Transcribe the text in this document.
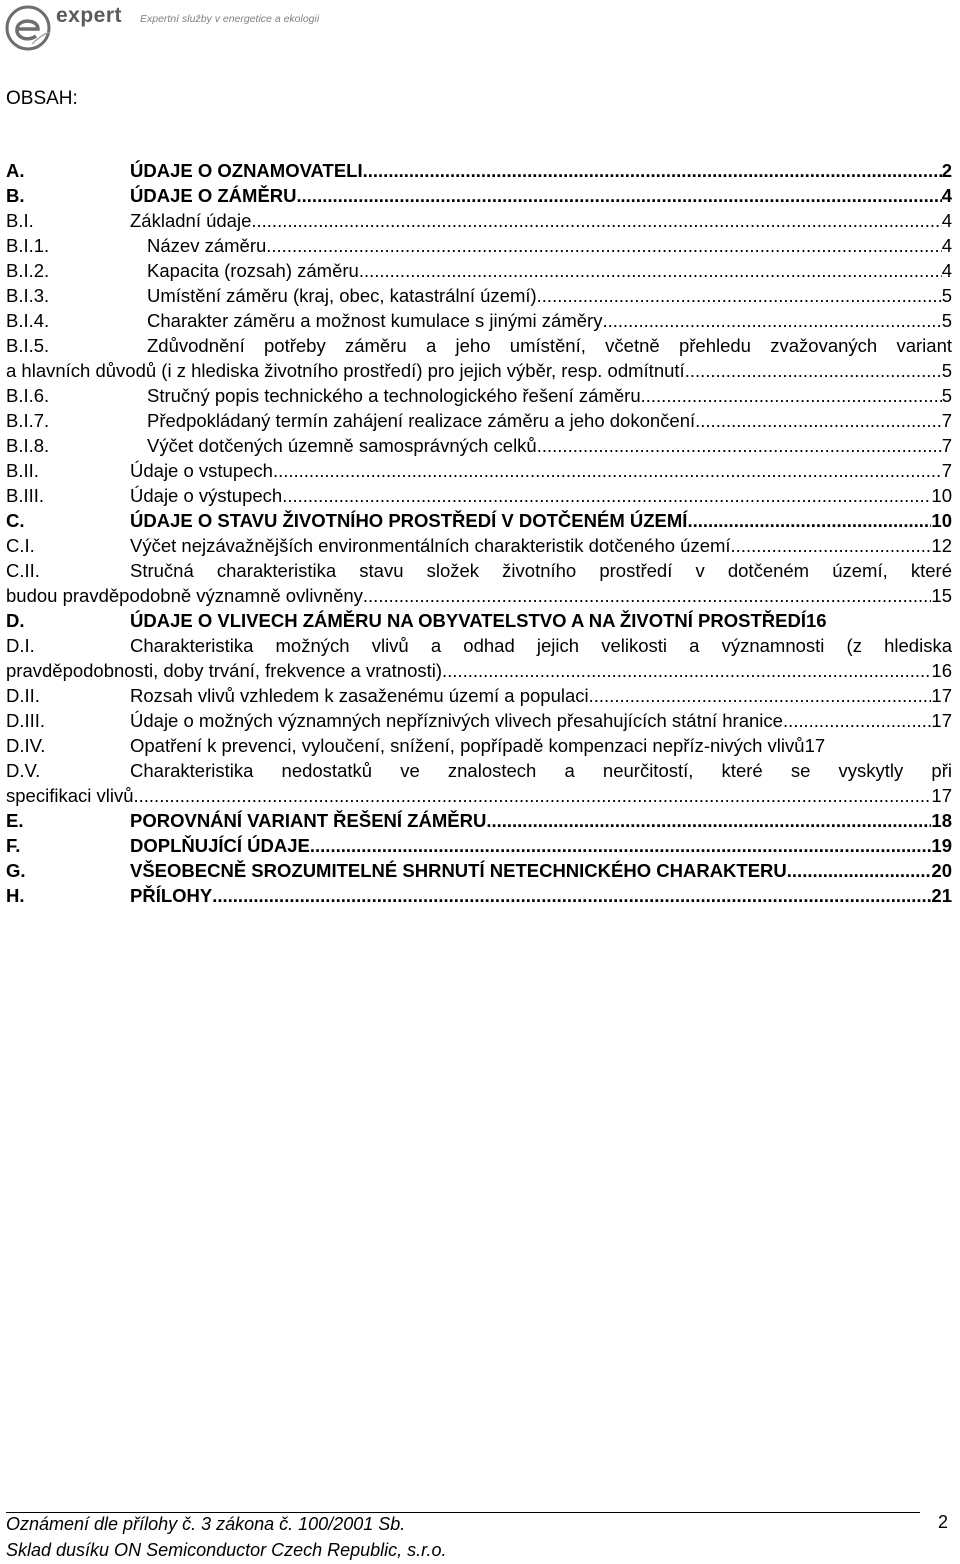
expert Expertní služby v energetice a ekologii
OBSAH:
A.	ÚDAJE O OZNAMOVATELI .....	2
B.	ÚDAJE O ZÁMĚRU .....	4
B.I.	Základní údaje .....	4
B.I.1.	Název záměru .....	4
B.I.2.	Kapacita (rozsah) záměru .....	4
B.I.3.	Umístění záměru (kraj, obec, katastrální území) .....	5
B.I.4.	Charakter záměru a možnost kumulace s jinými záměry .....	5
B.I.5.	Zdůvodnění potřeby záměru a jeho umístění, včetně přehledu zvažovaných variant
a hlavních důvodů (i z hlediska životního prostředí) pro jejich výběr, resp. odmítnutí .....	5
B.I.6.	Stručný popis technického a technologického řešení záměru .....	5
B.I.7.	Předpokládaný termín zahájení realizace záměru a jeho dokončení .....	7
B.I.8.	Výčet dotčených územně samosprávných celků .....	7
B.II.	Údaje o vstupech .....	7
B.III.	Údaje o výstupech .....	10
C.	ÚDAJE O STAVU ŽIVOTNÍHO PROSTŘEDÍ V DOTČENÉM ÚZEMÍ .....	10
C.I.	Výčet nejzávažnějších environmentálních charakteristik dotčeného území .....	12
C.II.	Stručná charakteristika stavu složek životního prostředí v dotčeném území, které
budou pravděpodobně významně ovlivněny .....	15
D.	ÚDAJE O VLIVECH ZÁMĚRU NA OBYVATELSTVO A NA ŽIVOTNÍ PROSTŘEDÍ 16
D.I.	Charakteristika možných vlivů a odhad jejich velikosti a významnosti (z hlediska
pravděpodobnosti, doby trvání, frekvence a vratnosti) .....	16
D.II.	Rozsah vlivů vzhledem k zasaženému území a populaci .....	17
D.III.	Údaje o možných významných nepříznivých vlivech přesahujících státní hranice .....	17
D.IV.	Opatření k prevenci, vyloučení, snížení, popřípadě kompenzaci nepříz-nivých vlivů 17
D.V.	Charakteristika nedostatků ve znalostech a neurčitostí, které se vyskytly při
specifikaci vlivů .....	17
E.	POROVNÁNÍ VARIANT ŘEŠENÍ ZÁMĚRU .....	18
F.	DOPLŇUJÍCÍ ÚDAJE .....	19
G.	VŠEOBECNĚ SROZUMITELNÉ SHRNUTÍ NETECHNICKÉHO CHARAKTERU .....	20
H.	PŘÍLOHY .....	21
Oznámení dle přílohy č. 3 zákona č. 100/2001 Sb.
Sklad dusíku ON Semiconductor Czech Republic, s.r.o.
2
